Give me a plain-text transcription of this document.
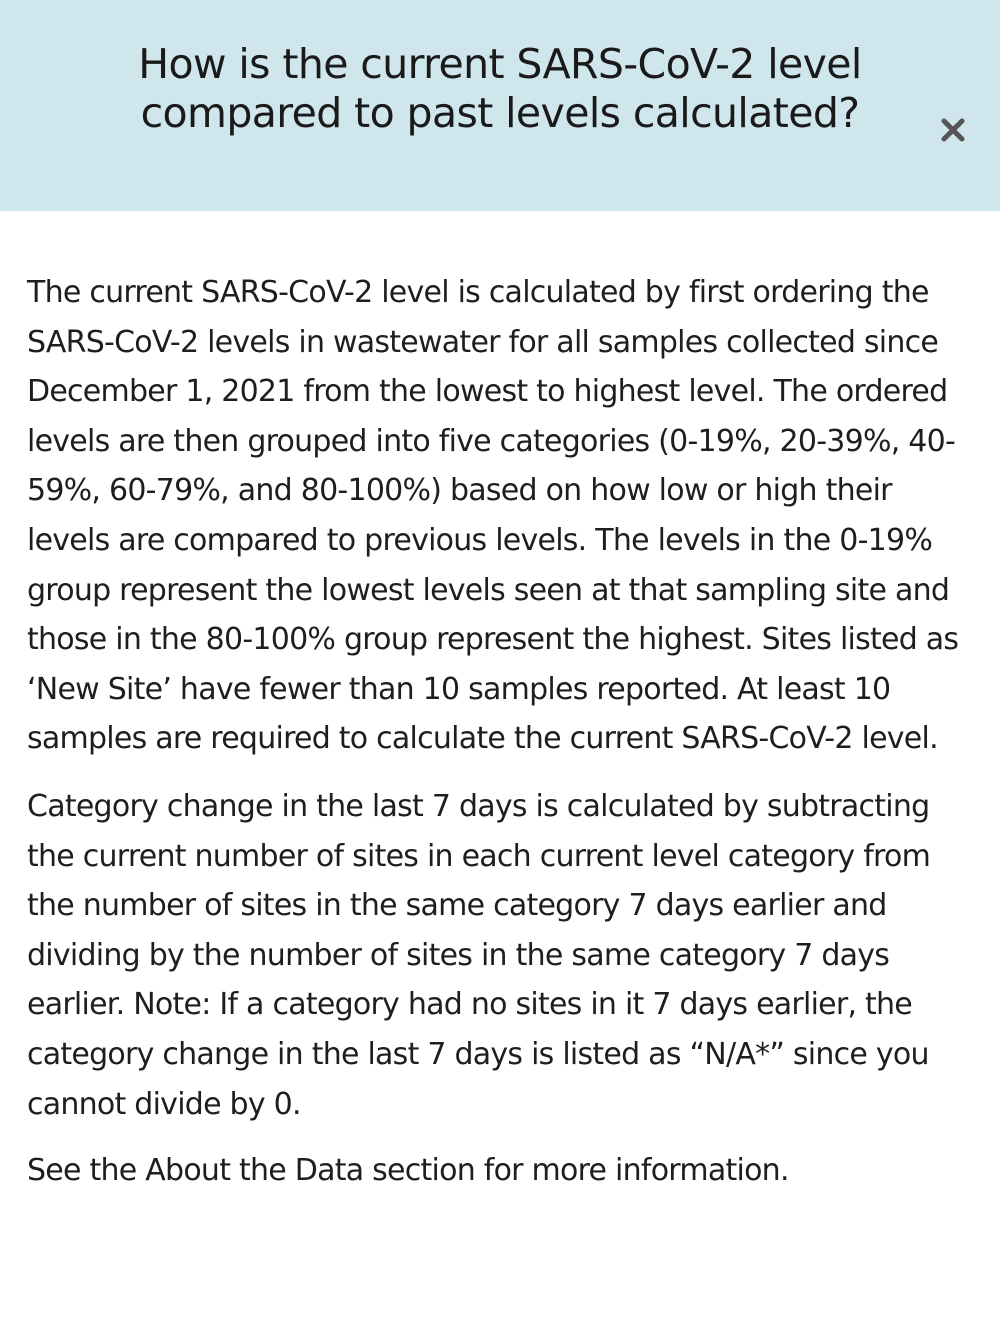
How is the current SARS-CoV-2 level compared to past levels calculated?

The current SARS-CoV-2 level is calculated by first ordering the SARS-CoV-2 levels in wastewater for all samples collected since December 1, 2021 from the lowest to highest level. The ordered levels are then grouped into five categories (0-19%, 20-39%, 40-59%, 60-79%, and 80-100%) based on how low or high their levels are compared to previous levels. The levels in the 0-19% group represent the lowest levels seen at that sampling site and those in the 80-100% group represent the highest. Sites listed as ‘New Site’ have fewer than 10 samples reported. At least 10 samples are required to calculate the current SARS-CoV-2 level.

Category change in the last 7 days is calculated by subtracting the current number of sites in each current level category from the number of sites in the same category 7 days earlier and dividing by the number of sites in the same category 7 days earlier. Note: If a category had no sites in it 7 days earlier, the category change in the last 7 days is listed as “N/A*” since you cannot divide by 0.

See the About the Data section for more information.
